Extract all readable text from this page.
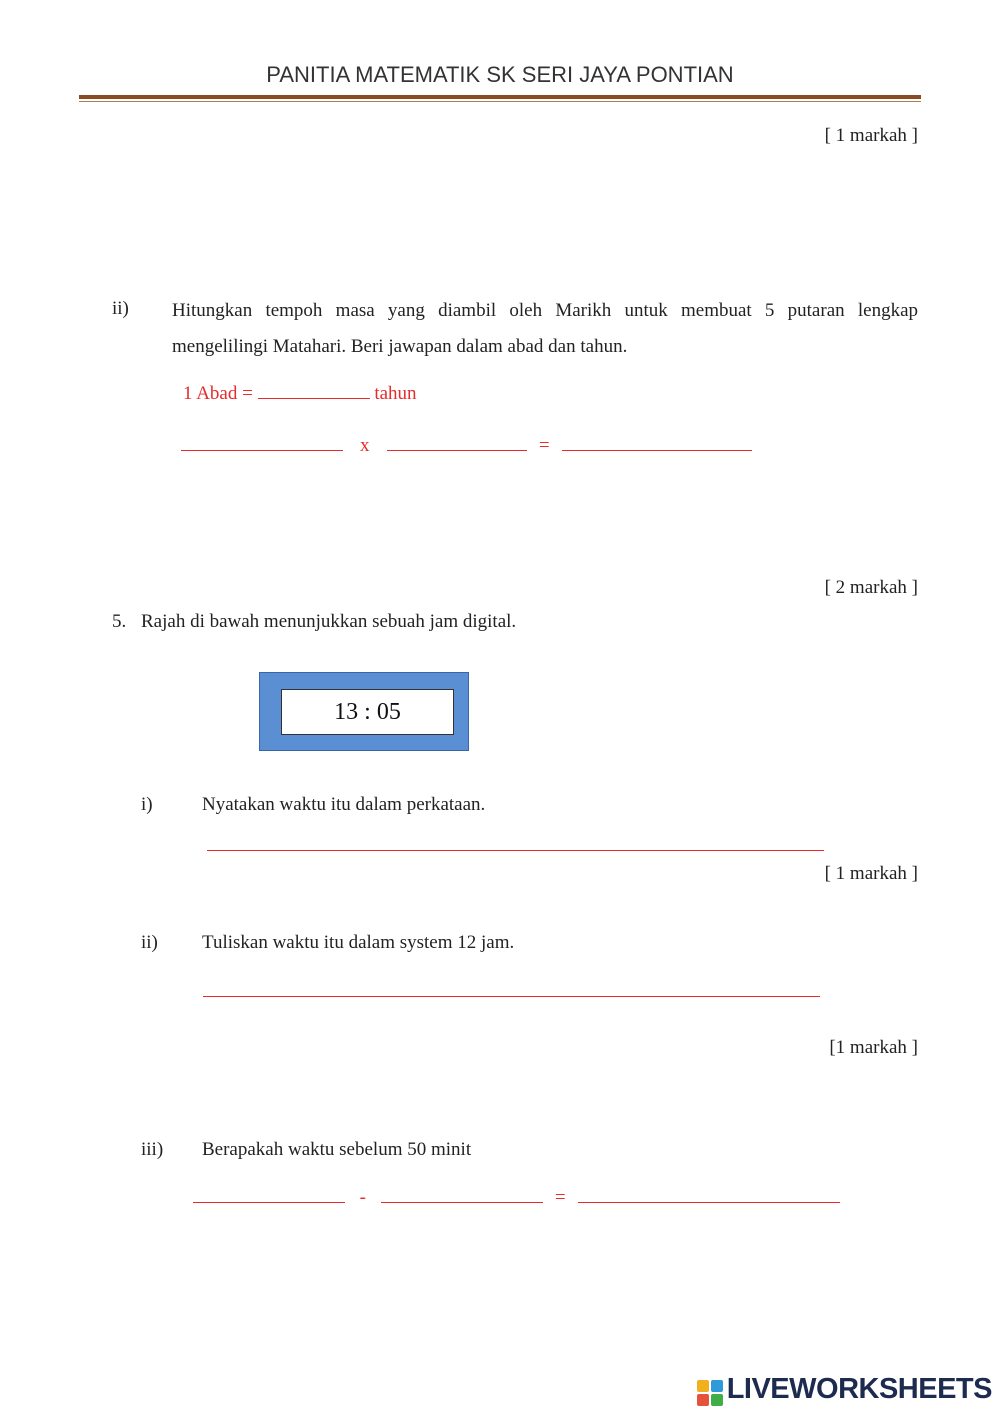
PANITIA MATEMATIK SK SERI JAYA PONTIAN
[ 1 markah ]
ii) Hitungkan tempoh masa yang diambil oleh Marikh untuk membuat 5 putaran lengkap mengelilingi Matahari. Beri jawapan dalam abad dan tahun.
1 Abad =	tahun
x	=
[ 2 markah ]
5. Rajah di bawah menunjukkan sebuah jam digital.
13 : 05
i)	Nyatakan waktu itu dalam perkataan.
[ 1 markah ]
ii) Tuliskan waktu itu dalam system 12 jam.
[1 markah ]
iii) Berapakah waktu sebelum 50 minit
-	=
LIVEWORKSHEETS
